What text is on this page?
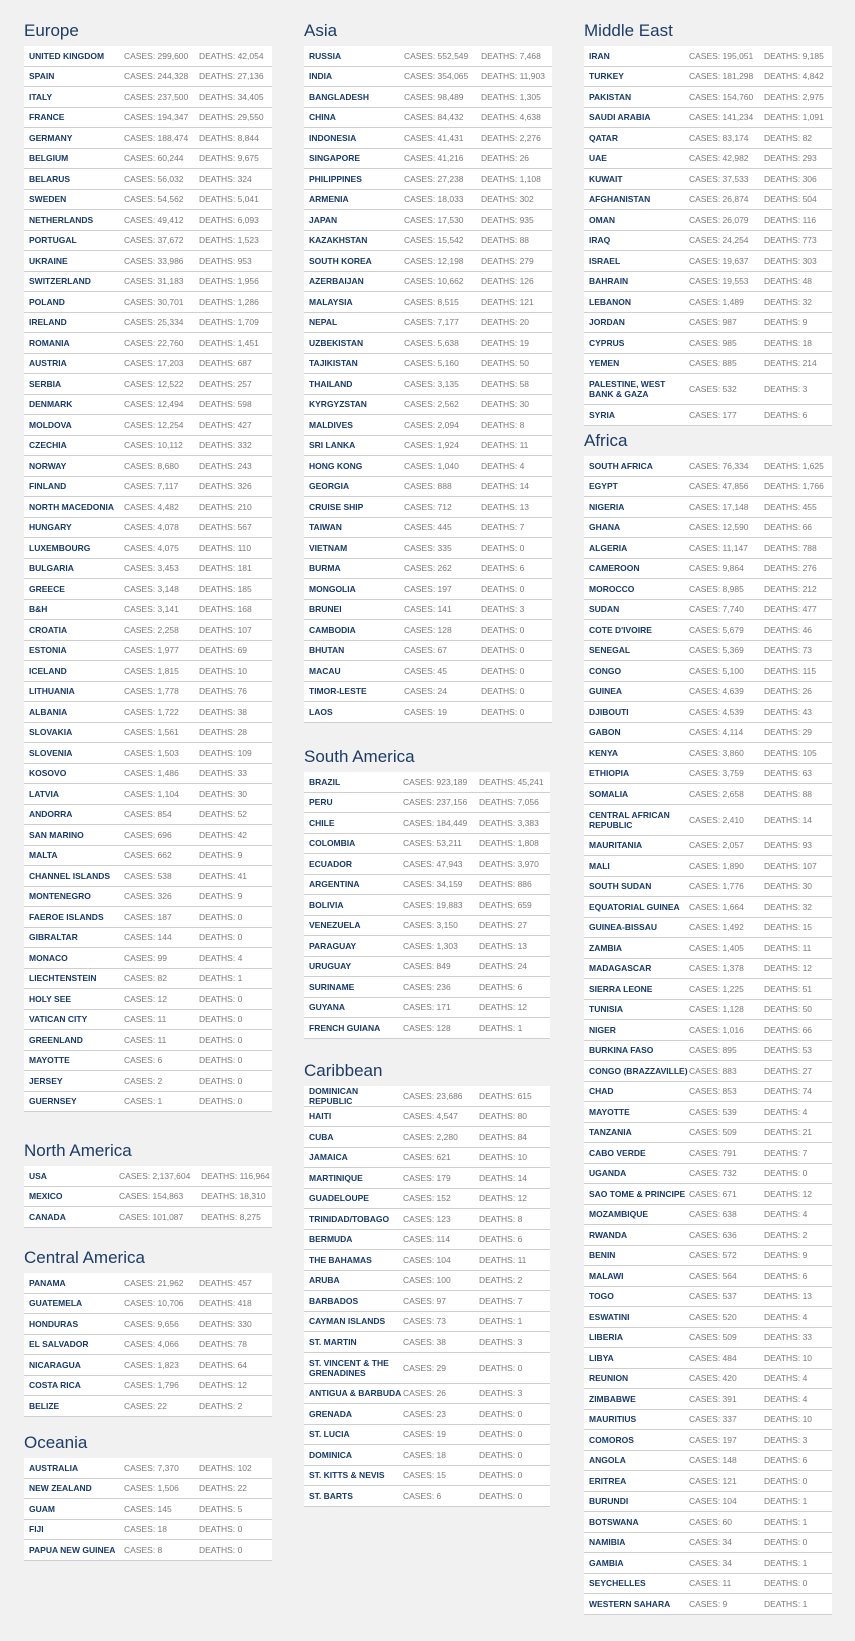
Europe
UNITED KINGDOM	CASES: 299,600	DEATHS: 42,054
SPAIN	CASES: 244,328	DEATHS: 27,136
ITALY	CASES: 237,500	DEATHS: 34,405
FRANCE	CASES: 194,347	DEATHS: 29,550
GERMANY	CASES: 188,474	DEATHS: 8,844
BELGIUM	CASES: 60,244	DEATHS: 9,675
BELARUS	CASES: 56,032	DEATHS: 324
SWEDEN	CASES: 54,562	DEATHS: 5,041
NETHERLANDS	CASES: 49,412	DEATHS: 6,093
PORTUGAL	CASES: 37,672	DEATHS: 1,523
UKRAINE	CASES: 33,986	DEATHS: 953
SWITZERLAND	CASES: 31,183	DEATHS: 1,956
POLAND	CASES: 30,701	DEATHS: 1,286
IRELAND	CASES: 25,334	DEATHS: 1,709
ROMANIA	CASES: 22,760	DEATHS: 1,451
AUSTRIA	CASES: 17,203	DEATHS: 687
SERBIA	CASES: 12,522	DEATHS: 257
DENMARK	CASES: 12,494	DEATHS: 598
MOLDOVA	CASES: 12,254	DEATHS: 427
CZECHIA	CASES: 10,112	DEATHS: 332
NORWAY	CASES: 8,680	DEATHS: 243
FINLAND	CASES: 7,117	DEATHS: 326
NORTH MACEDONIA	CASES: 4,482	DEATHS: 210
HUNGARY	CASES: 4,078	DEATHS: 567
LUXEMBOURG	CASES: 4,075	DEATHS: 110
BULGARIA	CASES: 3,453	DEATHS: 181
GREECE	CASES: 3,148	DEATHS: 185
B&H	CASES: 3,141	DEATHS: 168
CROATIA	CASES: 2,258	DEATHS: 107
ESTONIA	CASES: 1,977	DEATHS: 69
ICELAND	CASES: 1,815	DEATHS: 10
LITHUANIA	CASES: 1,778	DEATHS: 76
ALBANIA	CASES: 1,722	DEATHS: 38
SLOVAKIA	CASES: 1,561	DEATHS: 28
SLOVENIA	CASES: 1,503	DEATHS: 109
KOSOVO	CASES: 1,486	DEATHS: 33
LATVIA	CASES: 1,104	DEATHS: 30
ANDORRA	CASES: 854	DEATHS: 52
SAN MARINO	CASES: 696	DEATHS: 42
MALTA	CASES: 662	DEATHS: 9
CHANNEL ISLANDS	CASES: 538	DEATHS: 41
MONTENEGRO	CASES: 326	DEATHS: 9
FAEROE ISLANDS	CASES: 187	DEATHS: 0
GIBRALTAR	CASES: 144	DEATHS: 0
MONACO	CASES: 99	DEATHS: 4
LIECHTENSTEIN	CASES: 82	DEATHS: 1
HOLY SEE	CASES: 12	DEATHS: 0
VATICAN CITY	CASES: 11	DEATHS: 0
GREENLAND	CASES: 11	DEATHS: 0
MAYOTTE	CASES: 6	DEATHS: 0
JERSEY	CASES: 2	DEATHS: 0
GUERNSEY	CASES: 1	DEATHS: 0
North America
USA	CASES: 2,137,604	DEATHS: 116,964
MEXICO	CASES: 154,863	DEATHS: 18,310
CANADA	CASES: 101,087	DEATHS: 8,275
Central America
PANAMA	CASES: 21,962	DEATHS: 457
GUATEMELA	CASES: 10,706	DEATHS: 418
HONDURAS	CASES: 9,656	DEATHS: 330
EL SALVADOR	CASES: 4,066	DEATHS: 78
NICARAGUA	CASES: 1,823	DEATHS: 64
COSTA RICA	CASES: 1,796	DEATHS: 12
BELIZE	CASES: 22	DEATHS: 2
Oceania
AUSTRALIA	CASES: 7,370	DEATHS: 102
NEW ZEALAND	CASES: 1,506	DEATHS: 22
GUAM	CASES: 145	DEATHS: 5
FIJI	CASES: 18	DEATHS: 0
PAPUA NEW GUINEA	CASES: 8	DEATHS: 0
Asia
RUSSIA	CASES: 552,549	DEATHS: 7,468
INDIA	CASES: 354,065	DEATHS: 11,903
BANGLADESH	CASES: 98,489	DEATHS: 1,305
CHINA	CASES: 84,432	DEATHS: 4,638
INDONESIA	CASES: 41,431	DEATHS: 2,276
SINGAPORE	CASES: 41,216	DEATHS: 26
PHILIPPINES	CASES: 27,238	DEATHS: 1,108
ARMENIA	CASES: 18,033	DEATHS: 302
JAPAN	CASES: 17,530	DEATHS: 935
KAZAKHSTAN	CASES: 15,542	DEATHS: 88
SOUTH KOREA	CASES: 12,198	DEATHS: 279
AZERBAIJAN	CASES: 10,662	DEATHS: 126
MALAYSIA	CASES: 8,515	DEATHS: 121
NEPAL	CASES: 7,177	DEATHS: 20
UZBEKISTAN	CASES: 5,638	DEATHS: 19
TAJIKISTAN	CASES: 5,160	DEATHS: 50
THAILAND	CASES: 3,135	DEATHS: 58
KYRGYZSTAN	CASES: 2,562	DEATHS: 30
MALDIVES	CASES: 2,094	DEATHS: 8
SRI LANKA	CASES: 1,924	DEATHS: 11
HONG KONG	CASES: 1,040	DEATHS: 4
GEORGIA	CASES: 888	DEATHS: 14
CRUISE SHIP	CASES: 712	DEATHS: 13
TAIWAN	CASES: 445	DEATHS: 7
VIETNAM	CASES: 335	DEATHS: 0
BURMA	CASES: 262	DEATHS: 6
MONGOLIA	CASES: 197	DEATHS: 0
BRUNEI	CASES: 141	DEATHS: 3
CAMBODIA	CASES: 128	DEATHS: 0
BHUTAN	CASES: 67	DEATHS: 0
MACAU	CASES: 45	DEATHS: 0
TIMOR-LESTE	CASES: 24	DEATHS: 0
LAOS	CASES: 19	DEATHS: 0
South America
BRAZIL	CASES: 923,189	DEATHS: 45,241
PERU	CASES: 237,156	DEATHS: 7,056
CHILE	CASES: 184,449	DEATHS: 3,383
COLOMBIA	CASES: 53,211	DEATHS: 1,808
ECUADOR	CASES: 47,943	DEATHS: 3,970
ARGENTINA	CASES: 34,159	DEATHS: 886
BOLIVIA	CASES: 19,883	DEATHS: 659
VENEZUELA	CASES: 3,150	DEATHS: 27
PARAGUAY	CASES: 1,303	DEATHS: 13
URUGUAY	CASES: 849	DEATHS: 24
SURINAME	CASES: 236	DEATHS: 6
GUYANA	CASES: 171	DEATHS: 12
FRENCH GUIANA	CASES: 128	DEATHS: 1
Caribbean
DOMINICAN REPUBLIC	CASES: 23,686	DEATHS: 615
HAITI	CASES: 4,547	DEATHS: 80
CUBA	CASES: 2,280	DEATHS: 84
JAMAICA	CASES: 621	DEATHS: 10
MARTINIQUE	CASES: 179	DEATHS: 14
GUADELOUPE	CASES: 152	DEATHS: 12
TRINIDAD/TOBAGO	CASES: 123	DEATHS: 8
BERMUDA	CASES: 114	DEATHS: 6
THE BAHAMAS	CASES: 104	DEATHS: 11
ARUBA	CASES: 100	DEATHS: 2
BARBADOS	CASES: 97	DEATHS: 7
CAYMAN ISLANDS	CASES: 73	DEATHS: 1
ST. MARTIN	CASES: 38	DEATHS: 3
ST. VINCENT & THE GRENADINES	CASES: 29	DEATHS: 0
ANTIGUA & BARBUDA CASES: 26	DEATHS: 3
GRENADA	CASES: 23	DEATHS: 0
ST. LUCIA	CASES: 19	DEATHS: 0
DOMINICA	CASES: 18	DEATHS: 0
ST. KITTS & NEVIS	CASES: 15	DEATHS: 0
ST. BARTS	CASES: 6	DEATHS: 0
Middle East
IRAN	CASES: 195,051	DEATHS: 9,185
TURKEY	CASES: 181,298	DEATHS: 4,842
PAKISTAN	CASES: 154,760	DEATHS: 2,975
SAUDI ARABIA	CASES: 141,234	DEATHS: 1,091
QATAR	CASES: 83,174	DEATHS: 82
UAE	CASES: 42,982	DEATHS: 293
KUWAIT	CASES: 37,533	DEATHS: 306
AFGHANISTAN	CASES: 26,874	DEATHS: 504
OMAN	CASES: 26,079	DEATHS: 116
IRAQ	CASES: 24,254	DEATHS: 773
ISRAEL	CASES: 19,637	DEATHS: 303
BAHRAIN	CASES: 19,553	DEATHS: 48
LEBANON	CASES: 1,489	DEATHS: 32
JORDAN	CASES: 987	DEATHS: 9
CYPRUS	CASES: 985	DEATHS: 18
YEMEN	CASES: 885	DEATHS: 214
PALESTINE, WEST BANK & GAZA	CASES: 532	DEATHS: 3
SYRIA	CASES: 177	DEATHS: 6
Africa
SOUTH AFRICA	CASES: 76,334	DEATHS: 1,625
EGYPT	CASES: 47,856	DEATHS: 1,766
NIGERIA	CASES: 17,148	DEATHS: 455
GHANA	CASES: 12,590	DEATHS: 66
ALGERIA	CASES: 11,147	DEATHS: 788
CAMEROON	CASES: 9,864	DEATHS: 276
MOROCCO	CASES: 8,985	DEATHS: 212
SUDAN	CASES: 7,740	DEATHS: 477
COTE D'IVOIRE	CASES: 5,679	DEATHS: 46
SENEGAL	CASES: 5,369	DEATHS: 73
CONGO	CASES: 5,100	DEATHS: 115
GUINEA	CASES: 4,639	DEATHS: 26
DJIBOUTI	CASES: 4,539	DEATHS: 43
GABON	CASES: 4,114	DEATHS: 29
KENYA	CASES: 3,860	DEATHS: 105
ETHIOPIA	CASES: 3,759	DEATHS: 63
SOMALIA	CASES: 2,658	DEATHS: 88
CENTRAL AFRICAN REPUBLIC	CASES: 2,410	DEATHS: 14
MAURITANIA	CASES: 2,057	DEATHS: 93
MALI	CASES: 1,890	DEATHS: 107
SOUTH SUDAN	CASES: 1,776	DEATHS: 30
EQUATORIAL GUINEA	CASES: 1,664	DEATHS: 32
GUINEA-BISSAU	CASES: 1,492	DEATHS: 15
ZAMBIA	CASES: 1,405	DEATHS: 11
MADAGASCAR	CASES: 1,378	DEATHS: 12
SIERRA LEONE	CASES: 1,225	DEATHS: 51
TUNISIA	CASES: 1,128	DEATHS: 50
NIGER	CASES: 1,016	DEATHS: 66
BURKINA FASO	CASES: 895	DEATHS: 53
CONGO (BRAZZAVILLE) CASES: 883	DEATHS: 27
CHAD	CASES: 853	DEATHS: 74
MAYOTTE	CASES: 539	DEATHS: 4
TANZANIA	CASES: 509	DEATHS: 21
CABO VERDE	CASES: 791	DEATHS: 7
UGANDA	CASES: 732	DEATHS: 0
SAO TOME & PRINCIPE CASES: 671	DEATHS: 12
MOZAMBIQUE	CASES: 638	DEATHS: 4
RWANDA	CASES: 636	DEATHS: 2
BENIN	CASES: 572	DEATHS: 9
MALAWI	CASES: 564	DEATHS: 6
TOGO	CASES: 537	DEATHS: 13
ESWATINI	CASES: 520	DEATHS: 4
LIBERIA	CASES: 509	DEATHS: 33
LIBYA	CASES: 484	DEATHS: 10
REUNION	CASES: 420	DEATHS: 4
ZIMBABWE	CASES: 391	DEATHS: 4
MAURITIUS	CASES: 337	DEATHS: 10
COMOROS	CASES: 197	DEATHS: 3
ANGOLA	CASES: 148	DEATHS: 6
ERITREA	CASES: 121	DEATHS: 0
BURUNDI	CASES: 104	DEATHS: 1
BOTSWANA	CASES: 60	DEATHS: 1
NAMIBIA	CASES: 34	DEATHS: 0
GAMBIA	CASES: 34	DEATHS: 1
SEYCHELLES	CASES: 11	DEATHS: 0
WESTERN SAHARA	CASES: 9	DEATHS: 1
